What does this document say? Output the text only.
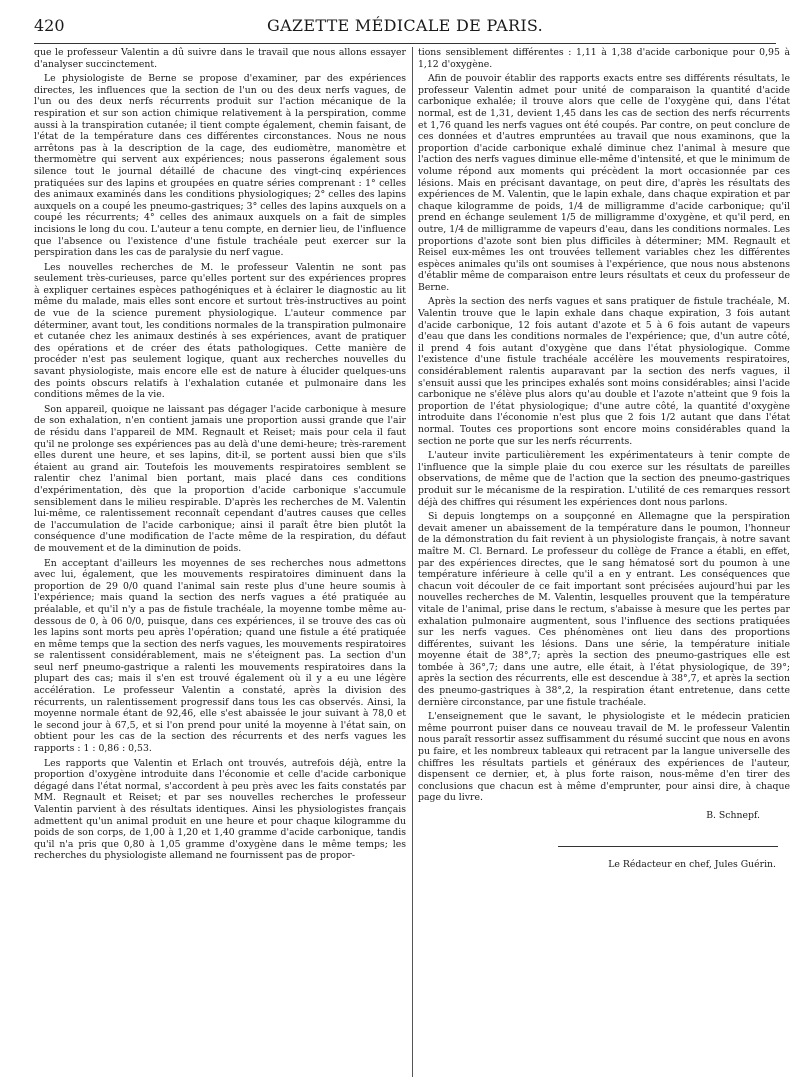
420	GAZETTE MÉDICALE DE PARIS.

que le professeur Valentin a dû suivre dans le travail que nous allons essayer d'analyser succinctement.

Le physiologiste de Berne se propose d'examiner, par des expériences directes, les influences que la section de l'un ou des deux nerfs vagues, de l'un ou des deux nerfs récurrents produit sur l'action mécanique de la respiration et sur son action chimique relativement à la perspiration, comme aussi à la transpiration cutanée; il tient compte également, chemin faisant, de l'état de la température dans ces différentes circonstances. Nous ne nous arrêtons pas à la description de la cage, des eudiomètre, manomètre et thermomètre qui servent aux expériences; nous passerons également sous silence tout le journal détaillé de chacune des vingt-cinq expériences pratiquées sur des lapins et groupées en quatre séries comprenant : 1° celles des animaux examinés dans les conditions physiologiques; 2° celles des lapins auxquels on a coupé les pneumo-gastriques; 3° celles des lapins auxquels on a coupé les récurrents; 4° celles des animaux auxquels on a fait de simples incisions le long du cou. L'auteur a tenu compte, en dernier lieu, de l'influence que l'absence ou l'existence d'une fistule trachéale peut exercer sur la perspiration dans les cas de paralysie du nerf vague.

Les nouvelles recherches de M. le professeur Valentin ne sont pas seulement très-curieuses, parce qu'elles portent sur des expériences propres à expliquer certaines espèces pathogéniques et à éclairer le diagnostic au lit même du malade, mais elles sont encore et surtout très-instructives au point de vue de la science purement physiologique. L'auteur commence par déterminer, avant tout, les conditions normales de la transpiration pulmonaire et cutanée chez les animaux destinés à ses expériences, avant de pratiquer des opérations et de créer des états pathologiques. Cette manière de procéder n'est pas seulement logique, quant aux recherches nouvelles du savant physiologiste, mais encore elle est de nature à élucider quelques-uns des points obscurs relatifs à l'exhalation cutanée et pulmonaire dans les conditions mêmes de la vie.

Son appareil, quoique ne laissant pas dégager l'acide carbonique à mesure de son exhalation, n'en contient jamais une proportion aussi grande que l'air de résidu dans l'appareil de MM. Regnault et Reiset; mais pour cela il faut qu'il ne prolonge ses expériences pas au delà d'une demi-heure; très-rarement elles durent une heure, et ses lapins, dit-il, se portent aussi bien que s'ils étaient au grand air. Toutefois les mouvements respiratoires semblent se ralentir chez l'animal bien portant, mais placé dans ces conditions d'expérimentation, dès que la proportion d'acide carbonique s'accumule sensiblement dans le milieu respirable. D'après les recherches de M. Valentin lui-même, ce ralentissement reconnaît cependant d'autres causes que celles de l'accumulation de l'acide carbonique; ainsi il paraît être bien plutôt la conséquence d'une modification de l'acte même de la respiration, du défaut de mouvement et de la diminution de poids.

En acceptant d'ailleurs les moyennes de ses recherches nous admettons avec lui, également, que les mouvements respiratoires diminuent dans la proportion de 29 0/0 quand l'animal sain reste plus d'une heure soumis à l'expérience; mais quand la section des nerfs vagues a été pratiquée au préalable, et qu'il n'y a pas de fistule trachéale, la moyenne tombe même au-dessous de 0, à 06 0/0, puisque, dans ces expériences, il se trouve des cas où les lapins sont morts peu après l'opération; quand une fistule a été pratiquée en même temps que la section des nerfs vagues, les mouvements respiratoires se ralentissent considérablement, mais ne s'éteignent pas. La section d'un seul nerf pneumo-gastrique a ralenti les mouvements respiratoires dans la plupart des cas; mais il s'en est trouvé également où il y a eu une légère accélération. Le professeur Valentin a constaté, après la division des récurrents, un ralentissement progressif dans tous les cas observés. Ainsi, la moyenne normale étant de 92,46, elle s'est abaissée le jour suivant à 78,0 et le second jour à 67,5, et si l'on prend pour unité la moyenne à l'état sain, on obtient pour les cas de la section des récurrents et des nerfs vagues les rapports : 1 : 0,86 : 0,53.

Les rapports que Valentin et Erlach ont trouvés, autrefois déjà, entre la proportion d'oxygène introduite dans l'économie et celle d'acide carbonique dégagé dans l'état normal, s'accordent à peu près avec les faits constatés par MM. Regnault et Reiset; et par ses nouvelles recherches le professeur Valentin parvient à des résultats identiques. Ainsi les physiologistes français admettent qu'un animal produit en une heure et pour chaque kilogramme du poids de son corps, de 1,00 à 1,20 et 1,40 gramme d'acide carbonique, tandis qu'il n'a pris que 0,80 à 1,05 gramme d'oxygène dans le même temps; les recherches du physiologiste allemand ne fournissent pas de propor-

tions sensiblement différentes : 1,11 à 1,38 d'acide carbonique pour 0,95 à 1,12 d'oxygène.

Afin de pouvoir établir des rapports exacts entre ses différents résultats, le professeur Valentin admet pour unité de comparaison la quantité d'acide carbonique exhalée; il trouve alors que celle de l'oxygène qui, dans l'état normal, est de 1,31, devient 1,45 dans les cas de section des nerfs récurrents et 1,76 quand les nerfs vagues ont été coupés. Par contre, on peut conclure de ces données et d'autres empruntées au travail que nous examinons, que la proportion d'acide carbonique exhalé diminue chez l'animal à mesure que l'action des nerfs vagues diminue elle-même d'intensité, et que le minimum de volume répond aux moments qui précèdent la mort occasionnée par ces lésions. Mais en précisant davantage, on peut dire, d'après les résultats des expériences de M. Valentin, que le lapin exhale, dans chaque expiration et par chaque kilogramme de poids, 1/4 de milligramme d'acide carbonique; qu'il prend en échange seulement 1/5 de milligramme d'oxygène, et qu'il perd, en outre, 1/4 de milligramme de vapeurs d'eau, dans les conditions normales. Les proportions d'azote sont bien plus difficiles à déterminer; MM. Regnault et Reisel eux-mêmes les ont trouvées tellement variables chez les différentes espèces animales qu'ils ont soumises à l'expérience, que nous nous abstenons d'établir même de comparaison entre leurs résultats et ceux du professeur de Berne.

Après la section des nerfs vagues et sans pratiquer de fistule trachéale, M. Valentin trouve que le lapin exhale dans chaque expiration, 3 fois autant d'acide carbonique, 12 fois autant d'azote et 5 à 6 fois autant de vapeurs d'eau que dans les conditions normales de l'expérience; que, d'un autre côté, il prend 4 fois autant d'oxygène que dans l'état physiologique. Comme l'existence d'une fistule trachéale accélère les mouvements respiratoires, considérablement ralentis auparavant par la section des nerfs vagues, il s'ensuit aussi que les principes exhalés sont moins considérables; ainsi l'acide carbonique ne s'élève plus alors qu'au double et l'azote n'atteint que 9 fois la proportion de l'état physiologique; d'une autre côté, la quantité d'oxygène introduite dans l'économie n'est plus que 2 fois 1/2 autant que dans l'état normal. Toutes ces proportions sont encore moins considérables quand la section ne porte que sur les nerfs récurrents.

L'auteur invite particulièrement les expérimentateurs à tenir compte de l'influence que la simple plaie du cou exerce sur les résultats de pareilles observations, de même que de l'action que la section des pneumo-gastriques produit sur le mécanisme de la respiration. L'utilité de ces remarques ressort déjà des chiffres qui résument les expériences dont nous parlons.

Si depuis longtemps on a soupçonné en Allemagne que la perspiration devait amener un abaissement de la température dans le poumon, l'honneur de la démonstration du fait revient à un physiologiste français, à notre savant maître M. Cl. Bernard. Le professeur du collège de France a établi, en effet, par des expériences directes, que le sang hématosé sort du poumon à une température inférieure à celle qu'il a en y entrant. Les conséquences que chacun voit découler de ce fait important sont précisées aujourd'hui par les nouvelles recherches de M. Valentin, lesquelles prouvent que la température vitale de l'animal, prise dans le rectum, s'abaisse à mesure que les pertes par exhalation pulmonaire augmentent, sous l'influence des sections pratiquées sur les nerfs vagues. Ces phénomènes ont lieu dans des proportions différentes, suivant les lésions. Dans une série, la température initiale moyenne était de 38°,7; après la section des pneumo-gastriques elle est tombée à 36°,7; dans une autre, elle était, à l'état physiologique, de 39°; après la section des récurrents, elle est descendue à 38°,7, et après la section des pneumo-gastriques à 38°,2, la respiration étant entretenue, dans cette dernière circonstance, par une fistule trachéale.

L'enseignement que le savant, le physiologiste et le médecin praticien même pourront puiser dans ce nouveau travail de M. le professeur Valentin nous paraît ressortir assez suffisamment du résumé succint que nous en avons pu faire, et les nombreux tableaux qui retracent par la langue universelle des chiffres les résultats partiels et généraux des expériences de l'auteur, dispensent ce dernier, et, à plus forte raison, nous-même d'en tirer des conclusions que chacun est à même d'emprunter, pour ainsi dire, à chaque page du livre.

B. Schnepf.
Le Rédacteur en chef, Jules Guérin.
